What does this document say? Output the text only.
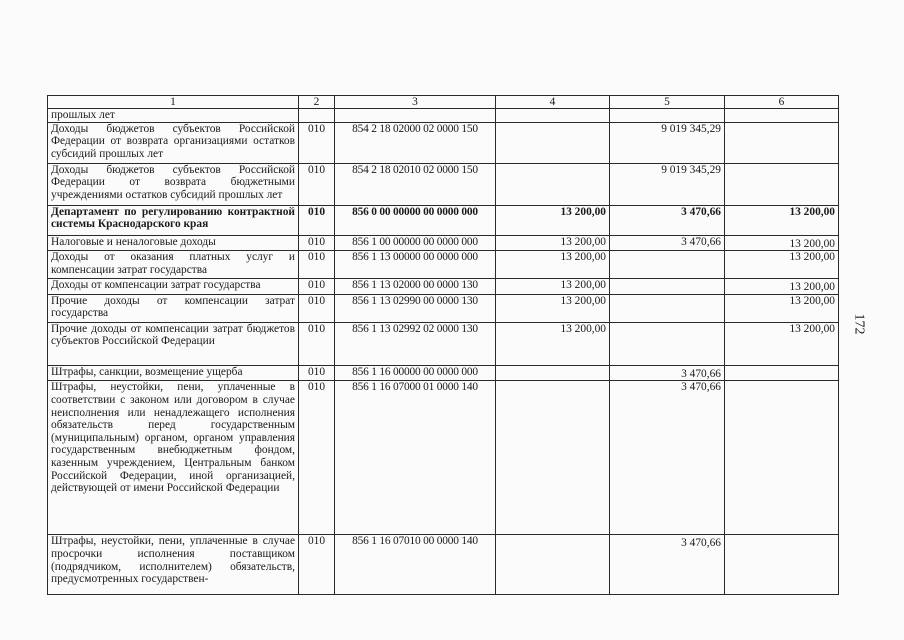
1	2	3	4	5	6
прошлых лет					
Доходы бюджетов субъектов Российской Федерации от возврата организациями остатков субсидий прошлых лет	010	854 2 18 02000 02 0000 150		9 019 345,29	
Доходы бюджетов субъектов Российской Федерации от возврата бюджетными учреждениями остатков субсидий прошлых лет	010	854 2 18 02010 02 0000 150		9 019 345,29	
Департамент по регулированию контрактной системы Краснодарского края	010	856 0 00 00000 00 0000 000	13 200,00	3 470,66	13 200,00
Налоговые и неналоговые доходы	010	856 1 00 00000 00 0000 000	13 200,00	3 470,66	13 200,00

Доходы от оказания платных услуг и компенсации затрат государства	010	856 1 13 00000 00 0000 000	13 200,00		13 200,00
Доходы от компенсации затрат государства	010	856 1 13 02000 00 0000 130	13 200,00		13 200,00

Прочие доходы от компенсации затрат государства	010	856 1 13 02990 00 0000 130	13 200,00		13 200,00
Прочие доходы от компенсации затрат бюджетов субъектов Российской Федерации	010	856 1 13 02992 02 0000 130	13 200,00		13 200,00
Штрафы, санкции, возмещение ущерба	010	856 1 16 00000 00 0000 000		3 470,66	

Штрафы, неустойки, пени, уплаченные в соответствии с законом или договором в случае неисполнения или ненадлежащего исполнения обязательств перед государственным (муниципальным) органом, органом управления государственным внебюджетным фондом, казенным учреждением, Центральным банком Российской Федерации, иной организацией, действующей от имени Российской Федерации	010	856 1 16 07000 01 0000 140		3 470,66	
Штрафы, неустойки, пени, уплаченные в случае просрочки исполнения поставщиком (подрядчиком, исполнителем) обязательств, предусмотренных государствен-	010	856 1 16 07010 00 0000 140		3 470,66	

172
